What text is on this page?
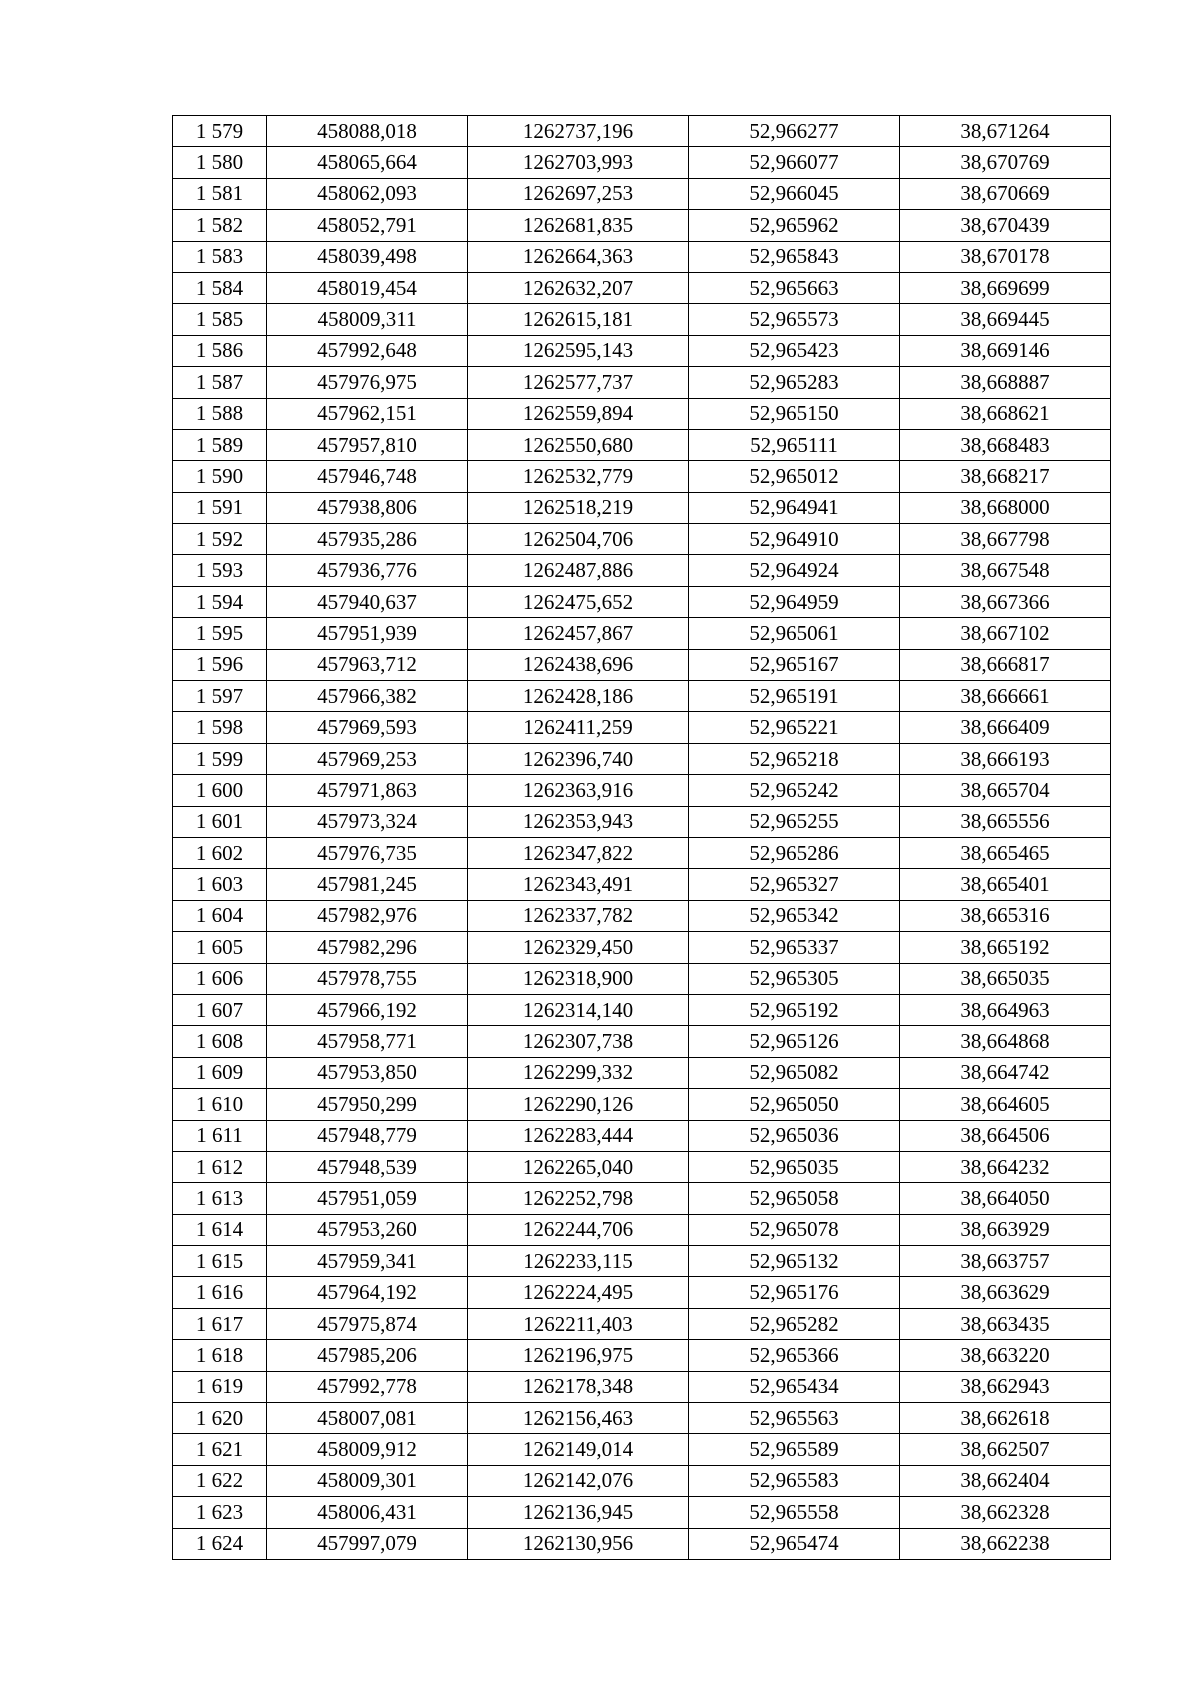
1 579	458088,018	1262737,196	52,966277	38,671264
1 580	458065,664	1262703,993	52,966077	38,670769
1 581	458062,093	1262697,253	52,966045	38,670669
1 582	458052,791	1262681,835	52,965962	38,670439
1 583	458039,498	1262664,363	52,965843	38,670178
1 584	458019,454	1262632,207	52,965663	38,669699
1 585	458009,311	1262615,181	52,965573	38,669445
1 586	457992,648	1262595,143	52,965423	38,669146
1 587	457976,975	1262577,737	52,965283	38,668887
1 588	457962,151	1262559,894	52,965150	38,668621
1 589	457957,810	1262550,680	52,965111	38,668483
1 590	457946,748	1262532,779	52,965012	38,668217
1 591	457938,806	1262518,219	52,964941	38,668000
1 592	457935,286	1262504,706	52,964910	38,667798
1 593	457936,776	1262487,886	52,964924	38,667548
1 594	457940,637	1262475,652	52,964959	38,667366
1 595	457951,939	1262457,867	52,965061	38,667102
1 596	457963,712	1262438,696	52,965167	38,666817
1 597	457966,382	1262428,186	52,965191	38,666661
1 598	457969,593	1262411,259	52,965221	38,666409
1 599	457969,253	1262396,740	52,965218	38,666193
1 600	457971,863	1262363,916	52,965242	38,665704
1 601	457973,324	1262353,943	52,965255	38,665556
1 602	457976,735	1262347,822	52,965286	38,665465
1 603	457981,245	1262343,491	52,965327	38,665401
1 604	457982,976	1262337,782	52,965342	38,665316
1 605	457982,296	1262329,450	52,965337	38,665192
1 606	457978,755	1262318,900	52,965305	38,665035
1 607	457966,192	1262314,140	52,965192	38,664963
1 608	457958,771	1262307,738	52,965126	38,664868
1 609	457953,850	1262299,332	52,965082	38,664742
1 610	457950,299	1262290,126	52,965050	38,664605
1 611	457948,779	1262283,444	52,965036	38,664506
1 612	457948,539	1262265,040	52,965035	38,664232
1 613	457951,059	1262252,798	52,965058	38,664050
1 614	457953,260	1262244,706	52,965078	38,663929
1 615	457959,341	1262233,115	52,965132	38,663757
1 616	457964,192	1262224,495	52,965176	38,663629
1 617	457975,874	1262211,403	52,965282	38,663435
1 618	457985,206	1262196,975	52,965366	38,663220
1 619	457992,778	1262178,348	52,965434	38,662943
1 620	458007,081	1262156,463	52,965563	38,662618
1 621	458009,912	1262149,014	52,965589	38,662507
1 622	458009,301	1262142,076	52,965583	38,662404
1 623	458006,431	1262136,945	52,965558	38,662328
1 624	457997,079	1262130,956	52,965474	38,662238
